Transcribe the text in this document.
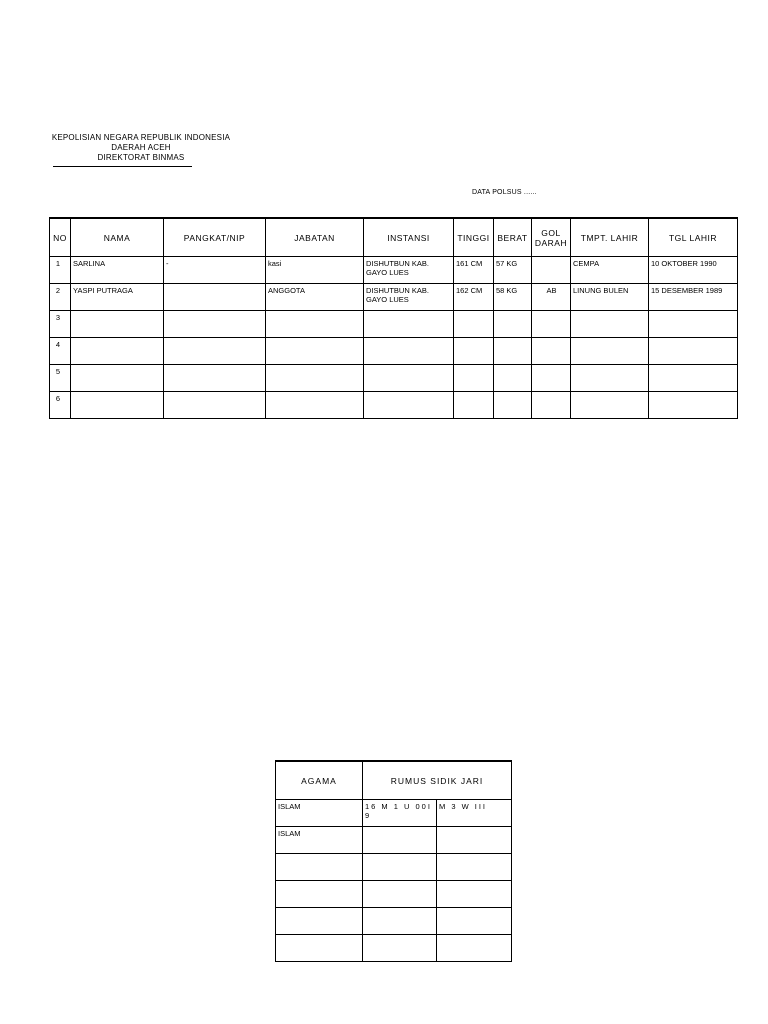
KEPOLISIAN NEGARA REPUBLIK INDONESIA
DAERAH ACEH
DIREKTORAT BINMAS
DATA POLSUS ......
NO	NAMA	PANGKAT/NIP	JABATAN	INSTANSI	TINGGI	BERAT	GOL
DARAH	TMPT. LAHIR	TGL LAHIR
1	SARLINA	-	kasi	DISHUTBUN KAB.
GAYO LUES	161 CM	57 KG		CEMPA	10 OKTOBER 1990
2	YASPI PUTRAGA		ANGGOTA	DISHUTBUN KAB.
GAYO LUES	162 CM	58 KG	AB	LINUNG BULEN	15 DESEMBER 1989
3				

4				

5				

6				

AGAMA	RUMUS SIDIK JARI	
ISLAM	16 M 1 U 00I 9	M 3 W III
ISLAM		
